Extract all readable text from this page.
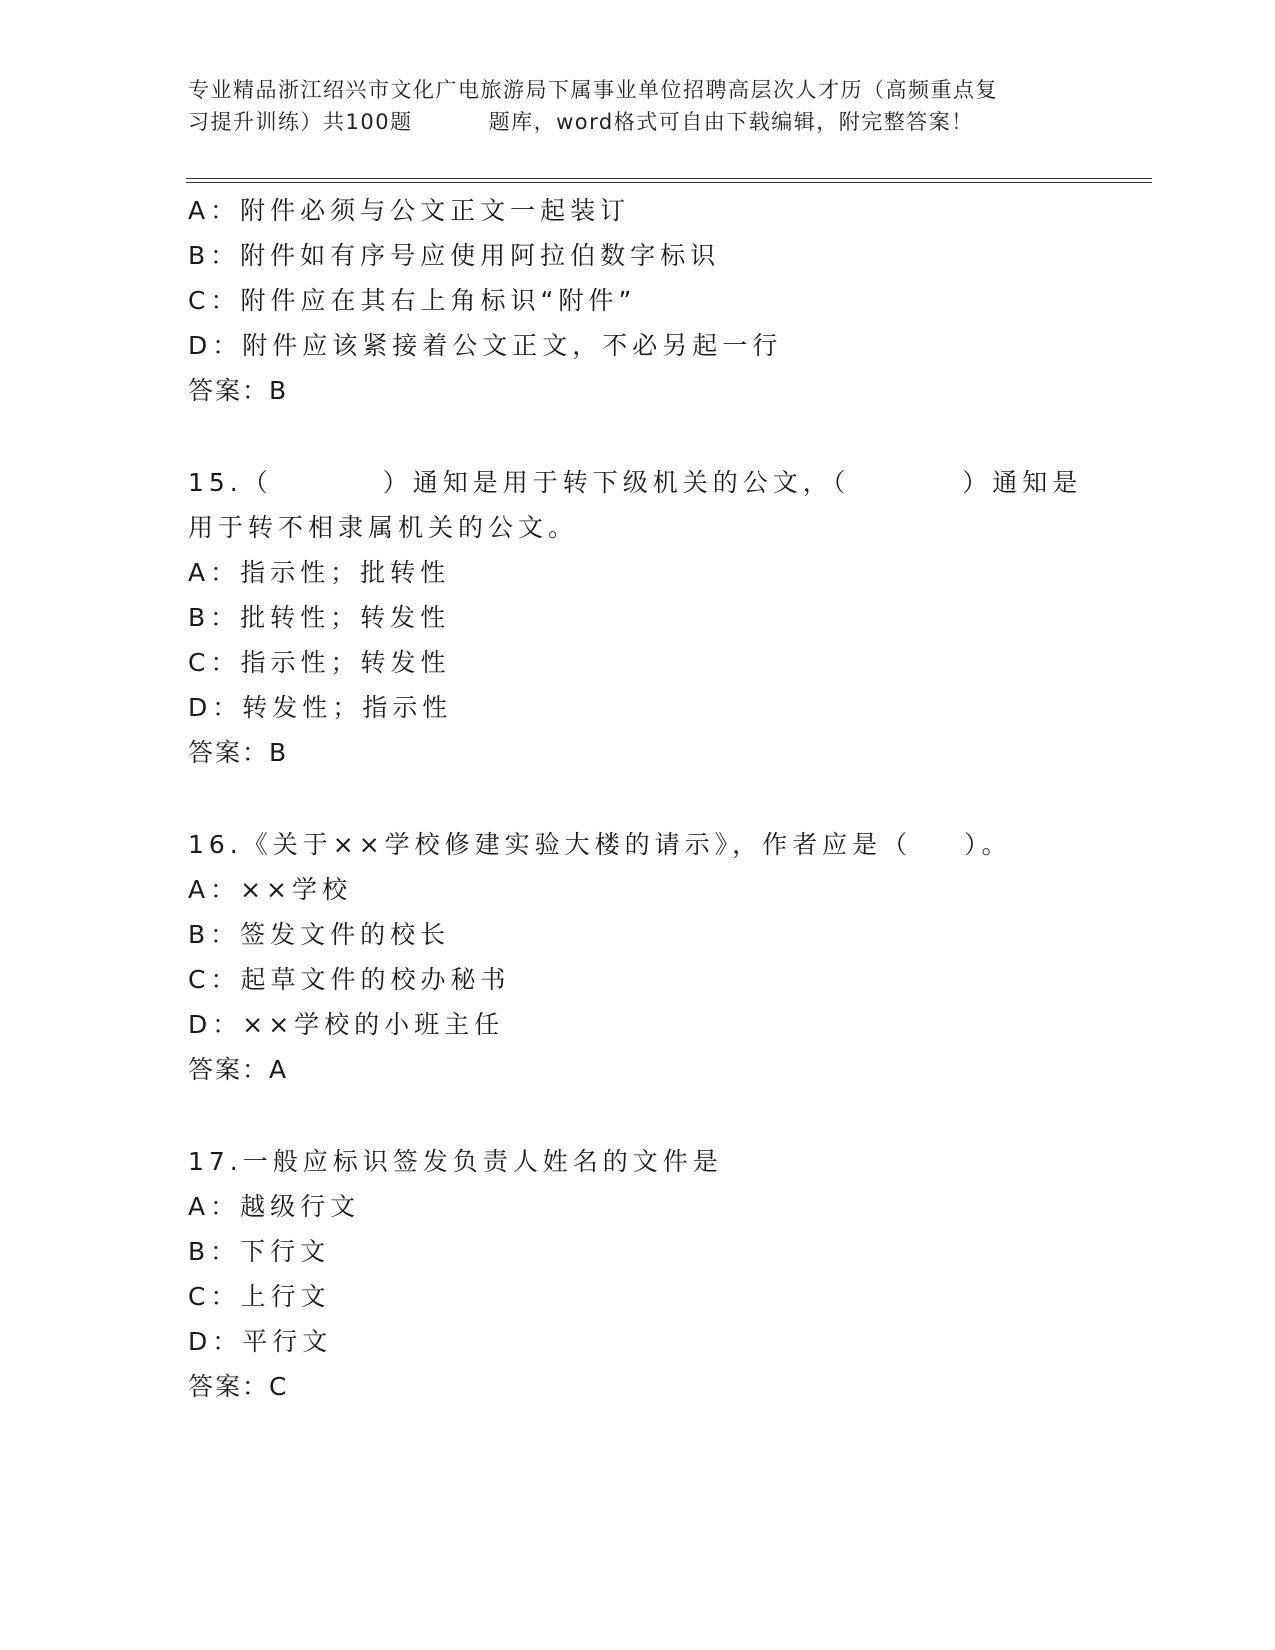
专业精品浙江绍兴市文化广电旅游局下属事业单位招聘高层次人才历（高频重点复
习提升训练）共100题	题库，word格式可自由下载编辑，附完整答案！
A：附件必须与公文正文一起装订
B：附件如有序号应使用阿拉伯数字标识
C：附件应在其右上角标识“附件”
D：附件应该紧接着公文正文，不必另起一行
答案：B
15.（	）通知是用于转下级机关的公文，（	）通知是
用于转不相隶属机关的公文。
A：指示性；批转性
B：批转性；转发性
C：指示性；转发性
D：转发性；指示性
答案：B
16.《关于××学校修建实验大楼的请示》，作者应是（ ）。
A：××学校
B：签发文件的校长
C：起草文件的校办秘书
D：××学校的小班主任
答案：A
17.一般应标识签发负责人姓名的文件是
A：越级行文
B：下行文
C：上行文
D：平行文
答案：C
